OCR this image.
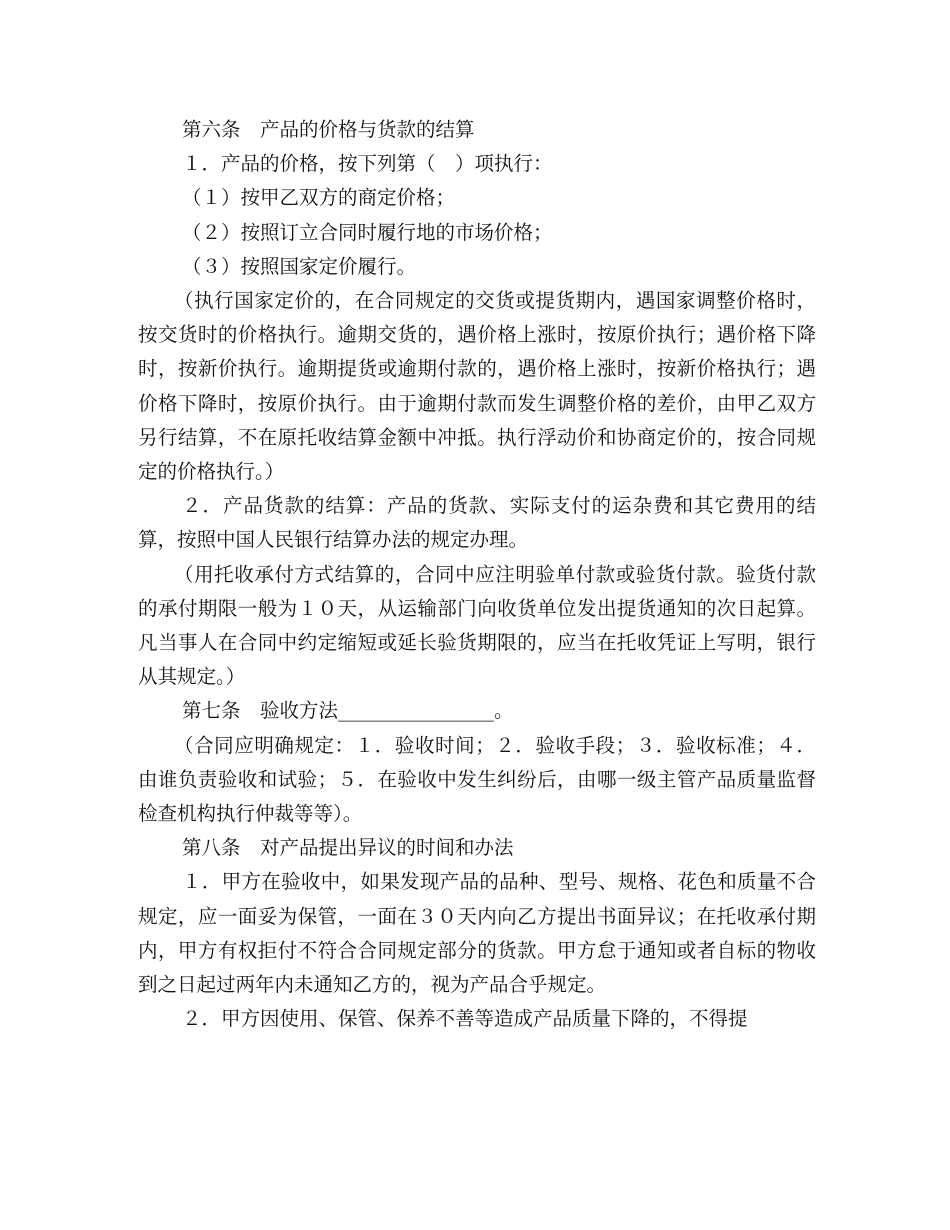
第六条　产品的价格与货款的结算

１．产品的价格，按下列第（　）项执行：

（１）按甲乙双方的商定价格；

（２）按照订立合同时履行地的市场价格；

（３）按照国家定价履行。

（执行国家定价的，在合同规定的交货或提货期内，遇国家调整价格时，按交货时的价格执行。逾期交货的，遇价格上涨时，按原价执行；遇价格下降时，按新价执行。逾期提货或逾期付款的，遇价格上涨时，按新价格执行；遇价格下降时，按原价执行。由于逾期付款而发生调整价格的差价，由甲乙双方另行结算，不在原托收结算金额中冲抵。执行浮动价和协商定价的，按合同规定的价格执行。）

２．产品货款的结算：产品的货款、实际支付的运杂费和其它费用的结算，按照中国人民银行结算办法的规定办理。

（用托收承付方式结算的，合同中应注明验单付款或验货付款。验货付款的承付期限一般为１０天，从运输部门向收货单位发出提货通知的次日起算。凡当事人在合同中约定缩短或延长验货期限的，应当在托收凭证上写明，银行从其规定。）

第七条　验收方法________________。

（合同应明确规定：１．验收时间；２．验收手段；３．验收标准；４．由谁负责验收和试验；５．在验收中发生纠纷后，由哪一级主管产品质量监督检查机构执行仲裁等等）。

第八条　对产品提出异议的时间和办法

１．甲方在验收中，如果发现产品的品种、型号、规格、花色和质量不合规定，应一面妥为保管，一面在３０天内向乙方提出书面异议；在托收承付期内，甲方有权拒付不符合合同规定部分的货款。甲方怠于通知或者自标的物收到之日起过两年内未通知乙方的，视为产品合乎规定。

２．甲方因使用、保管、保养不善等造成产品质量下降的，不得提
